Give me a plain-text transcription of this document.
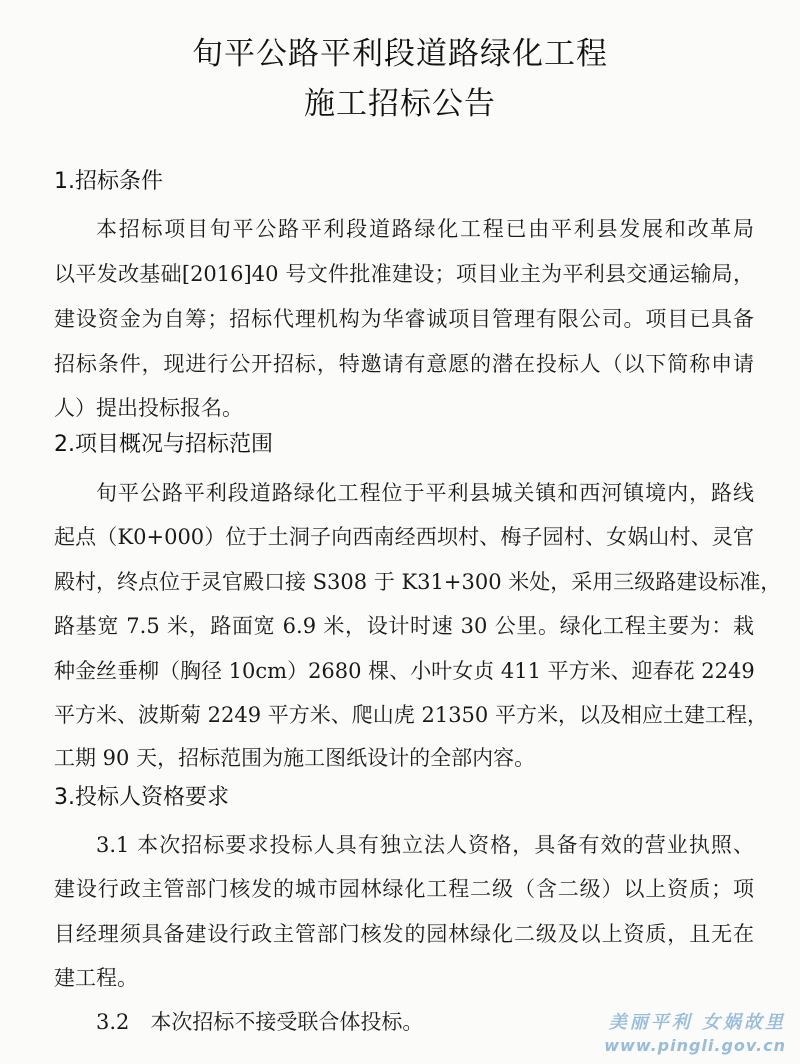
旬平公路平利段道路绿化工程
施工招标公告
1.招标条件
本招标项目旬平公路平利段道路绿化工程已由平利县发展和改革局
以平发改基础[2016]40 号文件批准建设；项目业主为平利县交通运输局，
建设资金为自筹；招标代理机构为华睿诚项目管理有限公司。项目已具备
招标条件，现进行公开招标，特邀请有意愿的潜在投标人（以下简称申请
人）提出投标报名。
2.项目概况与招标范围
旬平公路平利段道路绿化工程位于平利县城关镇和西河镇境内，路线
起点（K0+000）位于土洞子向西南经西坝村、梅子园村、女娲山村、灵官
殿村，终点位于灵官殿口接 S308 于 K31+300 米处，采用三级路建设标准，
路基宽 7.5 米，路面宽 6.9 米，设计时速 30 公里。绿化工程主要为：栽
种金丝垂柳（胸径 10cm）2680 棵、小叶女贞 411 平方米、迎春花 2249
平方米、波斯菊 2249 平方米、爬山虎 21350 平方米，以及相应土建工程，
工期 90 天，招标范围为施工图纸设计的全部内容。
3.投标人资格要求
3.1 本次招标要求投标人具有独立法人资格，具备有效的营业执照、
建设行政主管部门核发的城市园林绿化工程二级（含二级）以上资质；项
目经理须具备建设行政主管部门核发的园林绿化二级及以上资质，且无在
建工程。
3.2　本次招标不接受联合体投标。	美丽平利 女娲故里
www.pingli.gov.cn
